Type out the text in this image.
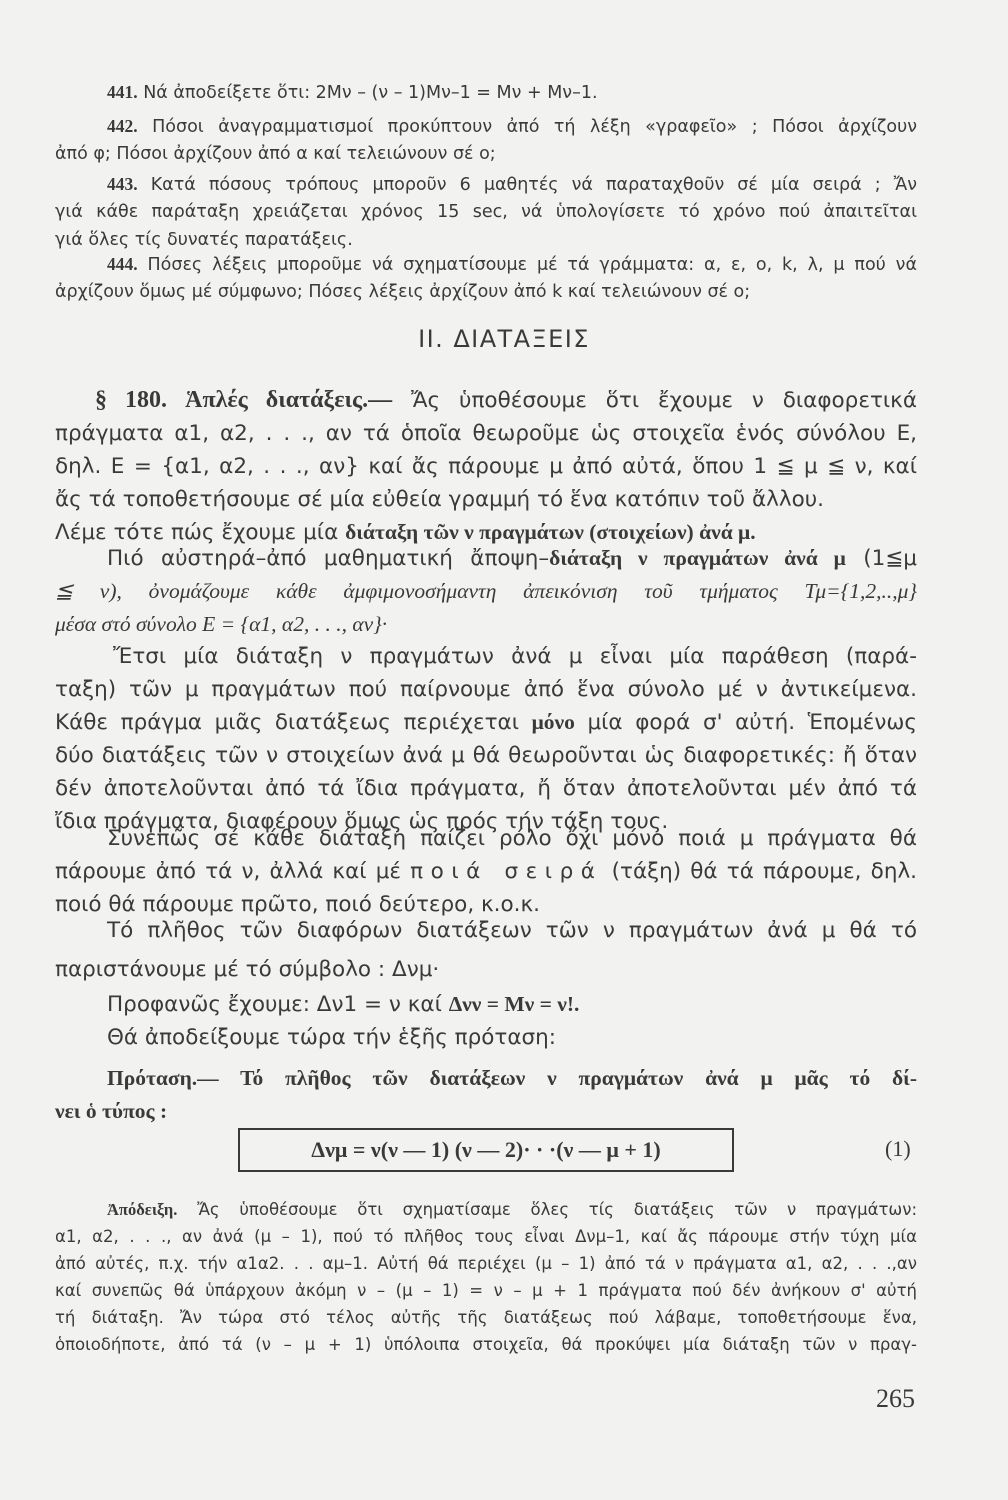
441. Νά ἀποδείξετε ὅτι: 2Μν – (ν – 1)Μν–1 = Μν + Μν–1.
442. Πόσοι ἀναγραμματισμοί προκύπτουν ἀπό τή λέξη «γραφεῖο» ; Πόσοι ἀρχίζουν
ἀπό φ; Πόσοι ἀρχίζουν ἀπό α καί τελειώνουν σέ ο;
443. Κατά πόσους τρόπους μποροῦν 6 μαθητές νά παραταχθοῦν σέ μία σειρά ; Ἄν
γιά κάθε παράταξη χρειάζεται χρόνος 15 sec, νά ὑπολογίσετε τό χρόνο πού ἀπαιτεῖται
γιά ὅλες τίς δυνατές παρατάξεις.
444. Πόσες λέξεις μποροῦμε νά σχηματίσουμε μέ τά γράμματα: α, ε, ο, k, λ, μ πού νά
ἀρχίζουν ὅμως μέ σύμφωνο; Πόσες λέξεις ἀρχίζουν ἀπό k καί τελειώνουν σέ ο;
II. ΔΙΑΤΑΞΕΙΣ
§ 180. Ἁπλές διατάξεις.— Ἄς ὑποθέσουμε ὅτι ἔχουμε ν διαφορετικά
πράγματα α1, α2, . . ., αν τά ὁποῖα θεωροῦμε ὡς στοιχεῖα ἑνός σύνόλου Ε,
δηλ. Ε = {α1, α2, . . ., αν} καί ἄς πάρουμε μ ἀπό αὐτά, ὅπου 1 ≦ μ ≦ ν, καί
ἄς τά τοποθετήσουμε σέ μία εὐθεία γραμμή τό ἕνα κατόπιν τοῦ ἄλλου.
Λέμε τότε πώς ἔχουμε μία διάταξη τῶν ν πραγμάτων (στοιχείων) ἀνά μ.
Πιό αὐστηρά–ἀπό μαθηματική ἄποψη–διάταξη ν πραγμάτων ἀνά μ (1≦μ
≦ ν), ὀνομάζουμε κάθε ἀμφιμονοσήμαντη ἀπεικόνιση τοῦ τμήματος Τμ={1,2,..,μ}
μέσα στό σύνολο Ε = {α1, α2, . . ., αν}·
Ἔτσι μία διάταξη ν πραγμάτων ἀνά μ εἶναι μία παράθεση (παρά-
ταξη) τῶν μ πραγμάτων πού παίρνουμε ἀπό ἕνα σύνολο μέ ν ἀντικείμενα.
Κάθε πράγμα μιᾶς διατάξεως περιέχεται μόνο μία φορά σ' αὐτή. Ἑπομένως
δύο διατάξεις τῶν ν στοιχείων ἀνά μ θά θεωροῦνται ὡς διαφορετικές: ἤ ὅταν
δέν ἀποτελοῦνται ἀπό τά ἴδια πράγματα, ἤ ὅταν ἀποτελοῦνται μέν ἀπό τά
ἴδια πράγματα, διαφέρουν ὅμως ὡς πρός τήν τάξη τους.
Συνεπῶς σέ κάθε διάταξη παίζει ρόλο ὄχι μόνο ποιά μ πράγματα θά
πάρουμε ἀπό τά ν, ἀλλά καί μέ ποιά σειρά (τάξη) θά τά πάρουμε, δηλ.
ποιό θά πάρουμε πρῶτο, ποιό δεύτερο, κ.ο.κ.
Τό πλῆθος τῶν διαφόρων διατάξεων τῶν ν πραγμάτων ἀνά μ θά τό
παριστάνουμε μέ τό σύμβολο : Δνμ·
Προφανῶς ἔχουμε: Δν1 = ν καί Δνν = Μν = ν!.
Θά ἀποδείξουμε τώρα τήν ἑξῆς πρόταση:
Πρόταση.— Τό πλῆθος τῶν διατάξεων ν πραγμάτων ἀνά μ μᾶς τό δί-
νει ὁ τύπος :
Δνμ = ν(ν — 1) (ν — 2)· · ·(ν — μ + 1)	(1)
Ἀπόδειξη. Ἄς ὑποθέσουμε ὅτι σχηματίσαμε ὅλες τίς διατάξεις τῶν ν πραγμάτων:
α1, α2, . . ., αν ἀνά (μ – 1), πού τό πλῆθος τους εἶναι Δνμ–1, καί ἄς πάρουμε στήν τύχη μία
ἀπό αὐτές, π.χ. τήν α1α2. . . αμ–1. Αὐτή θά περιέχει (μ – 1) ἀπό τά ν πράγματα α1, α2, . . .,αν
καί συνεπῶς θά ὑπάρχουν ἀκόμη ν – (μ – 1) = ν – μ + 1 πράγματα πού δέν ἀνήκουν σ' αὐτή
τή διάταξη. Ἄν τώρα στό τέλος αὐτῆς τῆς διατάξεως πού λάβαμε, τοποθετήσουμε ἕνα,
ὁποιοδήποτε, ἀπό τά (ν – μ + 1) ὑπόλοιπα στοιχεῖα, θά προκύψει μία διάταξη τῶν ν πραγ-
265
